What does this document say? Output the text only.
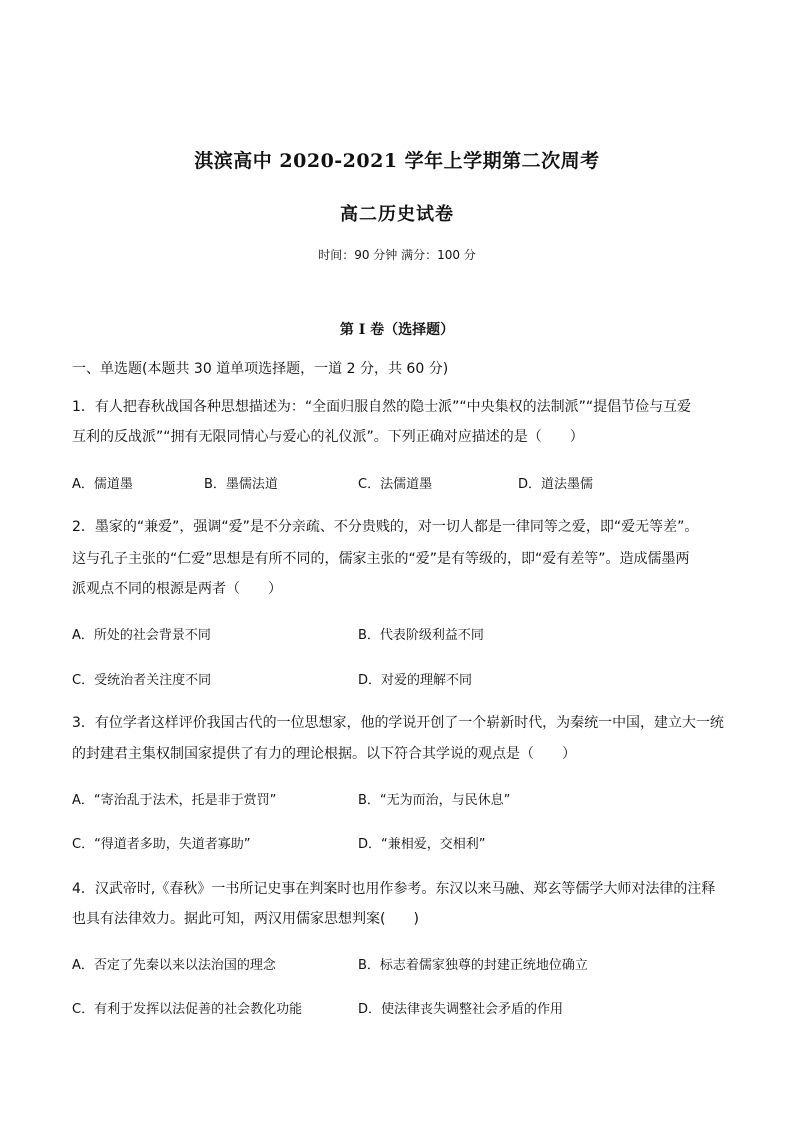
淇滨高中 2020-2021 学年上学期第二次周考
高二历史试卷
时间：90 分钟 满分：100 分
第 I 卷（选择题）
一、单选题(本题共 30 道单项选择题，一道 2 分，共 60 分)
1．有人把春秋战国各种思想描述为：“全面归服自然的隐士派”“中央集权的法制派”“提倡节俭与互爱
互利的反战派”“拥有无限同情心与爱心的礼仪派”。下列正确对应描述的是（　　）
A．儒道墨	B．墨儒法道	C．法儒道墨	D．道法墨儒
2．墨家的“兼爱”，强调“爱”是不分亲疏、不分贵贱的，对一切人都是一律同等之爱，即“爱无等差”。
这与孔子主张的“仁爱”思想是有所不同的，儒家主张的“爱”是有等级的，即“爱有差等”。造成儒墨两
派观点不同的根源是两者（　　）
A．所处的社会背景不同	B．代表阶级利益不同
C．受统治者关注度不同	D．对爱的理解不同
3．有位学者这样评价我国古代的一位思想家，他的学说开创了一个崭新时代，为秦统一中国，建立大一统
的封建君主集权制国家提供了有力的理论根据。以下符合其学说的观点是（　　）
A．“寄治乱于法术，托是非于赏罚”	B．“无为而治，与民休息”
C．“得道者多助，失道者寡助”	D．“兼相爱，交相利”
4．汉武帝时,《春秋》一书所记史事在判案时也用作参考。东汉以来马融、郑玄等儒学大师对法律的注释
也具有法律效力。据此可知，两汉用儒家思想判案(　　)
A．否定了先秦以来以法治国的理念	B．标志着儒家独尊的封建正统地位确立
C．有利于发挥以法促善的社会教化功能	D．使法律丧失调整社会矛盾的作用
